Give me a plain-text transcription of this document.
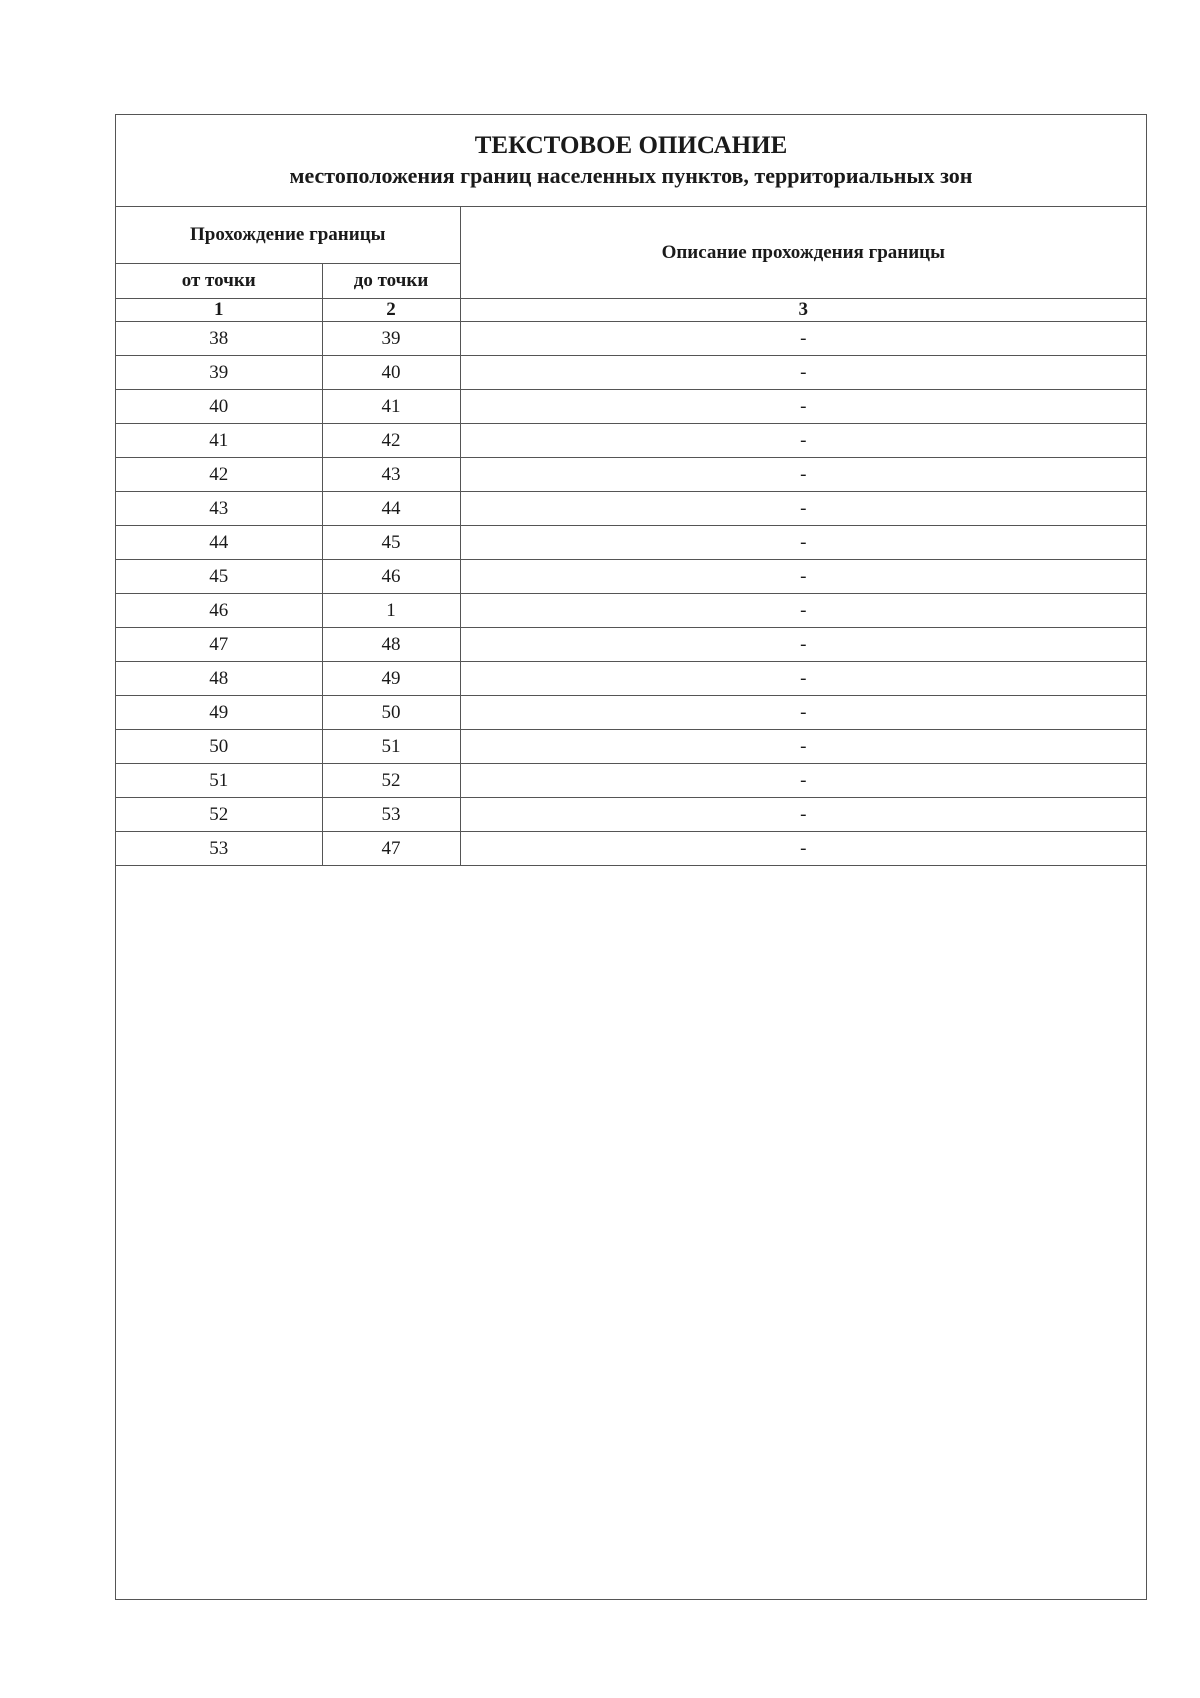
ТЕКСТОВОЕ ОПИСАНИЕ
местоположения границ населенных пунктов, территориальных зон
Прохождение границы		Описание прохождения границы
от точки	до точки	
1	2	3
38	39	-
39	40	-
40	41	-
41	42	-
42	43	-
43	44	-
44	45	-
45	46	-
46	1	-
47	48	-
48	49	-
49	50	-
50	51	-
51	52	-
52	53	-
53	47	-
